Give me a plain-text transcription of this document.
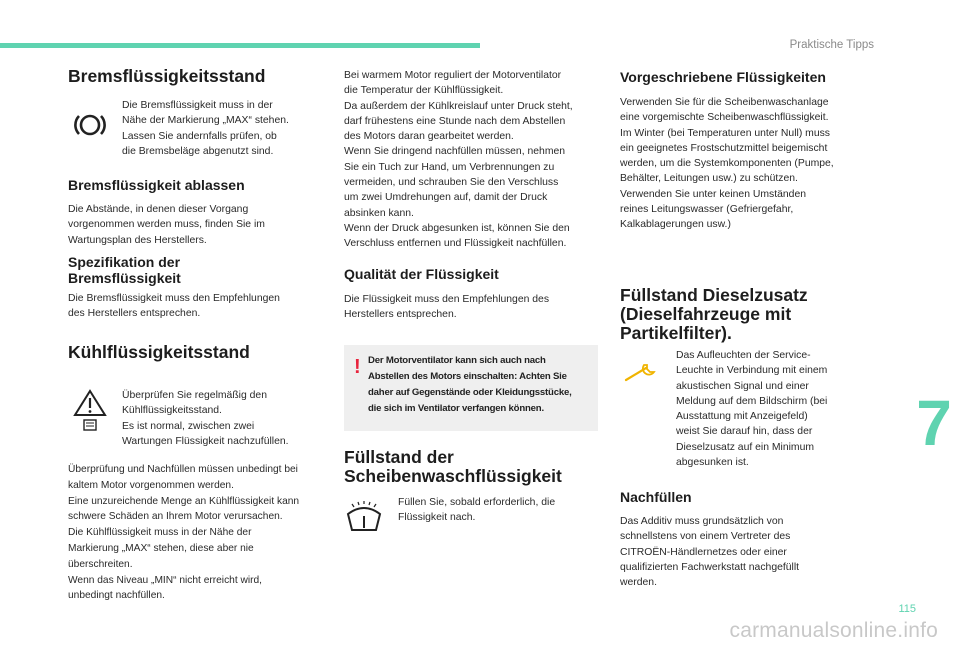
Praktische Tipps
7
115
carmanualsonline.info
Bremsflüssigkeitsstand
Die Bremsflüssigkeit muss in der
Nähe der Markierung „MAX“ stehen.
Lassen Sie andernfalls prüfen, ob
die Bremsbeläge abgenutzt sind.
Bremsflüssigkeit ablassen
Die Abstände, in denen dieser Vorgang
vorgenommen werden muss, finden Sie im
Wartungsplan des Herstellers.
Spezifikation der
Bremsflüssigkeit
Die Bremsflüssigkeit muss den Empfehlungen
des Herstellers entsprechen.
Kühlflüssigkeitsstand
Überprüfen Sie regelmäßig den
Kühlflüssigkeitsstand.
Es ist normal, zwischen zwei
Wartungen Flüssigkeit nachzufüllen.
Überprüfung und Nachfüllen müssen unbedingt bei
kaltem Motor vorgenommen werden.
Eine unzureichende Menge an Kühlflüssigkeit kann
schwere Schäden an Ihrem Motor verursachen.
Die Kühlflüssigkeit muss in der Nähe der
Markierung „MAX“ stehen, diese aber nie
überschreiten.
Wenn das Niveau „MIN“ nicht erreicht wird,
unbedingt nachfüllen.
Bei warmem Motor reguliert der Motorventilator
die Temperatur der Kühlflüssigkeit.
Da außerdem der Kühlkreislauf unter Druck steht,
darf frühestens eine Stunde nach dem Abstellen
des Motors daran gearbeitet werden.
Wenn Sie dringend nachfüllen müssen, nehmen
Sie ein Tuch zur Hand, um Verbrennungen zu
vermeiden, und schrauben Sie den Verschluss
um zwei Umdrehungen auf, damit der Druck
absinken kann.
Wenn der Druck abgesunken ist, können Sie den
Verschluss entfernen und Flüssigkeit nachfüllen.
Qualität der Flüssigkeit
Die Flüssigkeit muss den Empfehlungen des
Herstellers entsprechen.
! Der Motorventilator kann sich auch nach
Abstellen des Motors einschalten: Achten Sie
daher auf Gegenstände oder Kleidungsstücke,
die sich im Ventilator verfangen können.
Füllstand der
Scheibenwaschflüssigkeit
Füllen Sie, sobald erforderlich, die
Flüssigkeit nach.
Vorgeschriebene Flüssigkeiten
Verwenden Sie für die Scheibenwaschanlage
eine vorgemischte Scheibenwaschflüssigkeit.
Im Winter (bei Temperaturen unter Null) muss
ein geeignetes Frostschutzmittel beigemischt
werden, um die Systemkomponenten (Pumpe,
Behälter, Leitungen usw.) zu schützen.
Verwenden Sie unter keinen Umständen
reines Leitungswasser (Gefriergefahr,
Kalkablagerungen usw.)
Füllstand Dieselzusatz
(Dieselfahrzeuge mit
Partikelfilter).
Das Aufleuchten der Service-
Leuchte in Verbindung mit einem
akustischen Signal und einer
Meldung auf dem Bildschirm (bei
Ausstattung mit Anzeigefeld)
weist Sie darauf hin, dass der
Dieselzusatz auf ein Minimum
abgesunken ist.
Nachfüllen
Das Additiv muss grundsätzlich von
schnellstens von einem Vertreter des
CITROËN-Händlernetzes oder einer
qualifizierten Fachwerkstatt nachgefüllt
werden.
